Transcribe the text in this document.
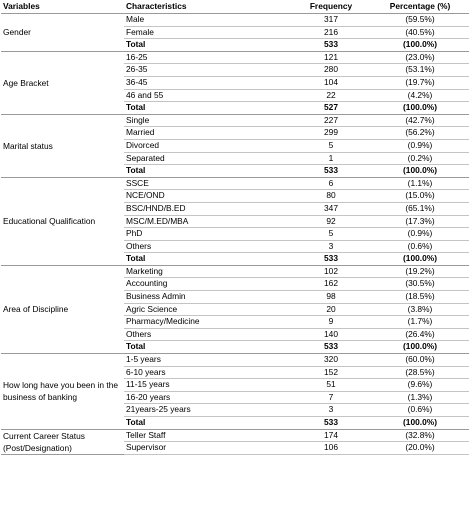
Variables	Characteristics	Frequency	Percentage (%)
Gender	Male	317	(59.5%)
	Female	216	(40.5%)
	Total	533	(100.0%)
Age Bracket	16-25	121	(23.0%)
	26-35	280	(53.1%)
	36-45	104	(19.7%)
	46 and 55	22	(4.2%)
	Total	527	(100.0%)
Marital status	Single	227	(42.7%)
	Married	299	(56.2%)
	Divorced	5	(0.9%)
	Separated	1	(0.2%)
	Total	533	(100.0%)
Educational Qualification	SSCE	6	(1.1%)
	NCE/OND	80	(15.0%)
	BSC/HND/B.ED	347	(65.1%)
	MSC/M.ED/MBA	92	(17.3%)
	PhD	5	(0.9%)
	Others	3	(0.6%)
	Total	533	(100.0%)
Area of Discipline	Marketing	102	(19.2%)
	Accounting	162	(30.5%)
	Business Admin	98	(18.5%)
	Agric Science	20	(3.8%)
	Pharmacy/Medicine	9	(1.7%)
	Others	140	(26.4%)
	Total	533	(100.0%)
How long have you been in the business of banking	1-5 years	320	(60.0%)
	6-10 years	152	(28.5%)
	11-15 years	51	(9.6%)
	16-20 years	7	(1.3%)
	21years-25 years	3	(0.6%)
	Total	533	(100.0%)
Current Career Status (Post/Designation)	Teller Staff	174	(32.8%)
	Supervisor	106	(20.0%)
